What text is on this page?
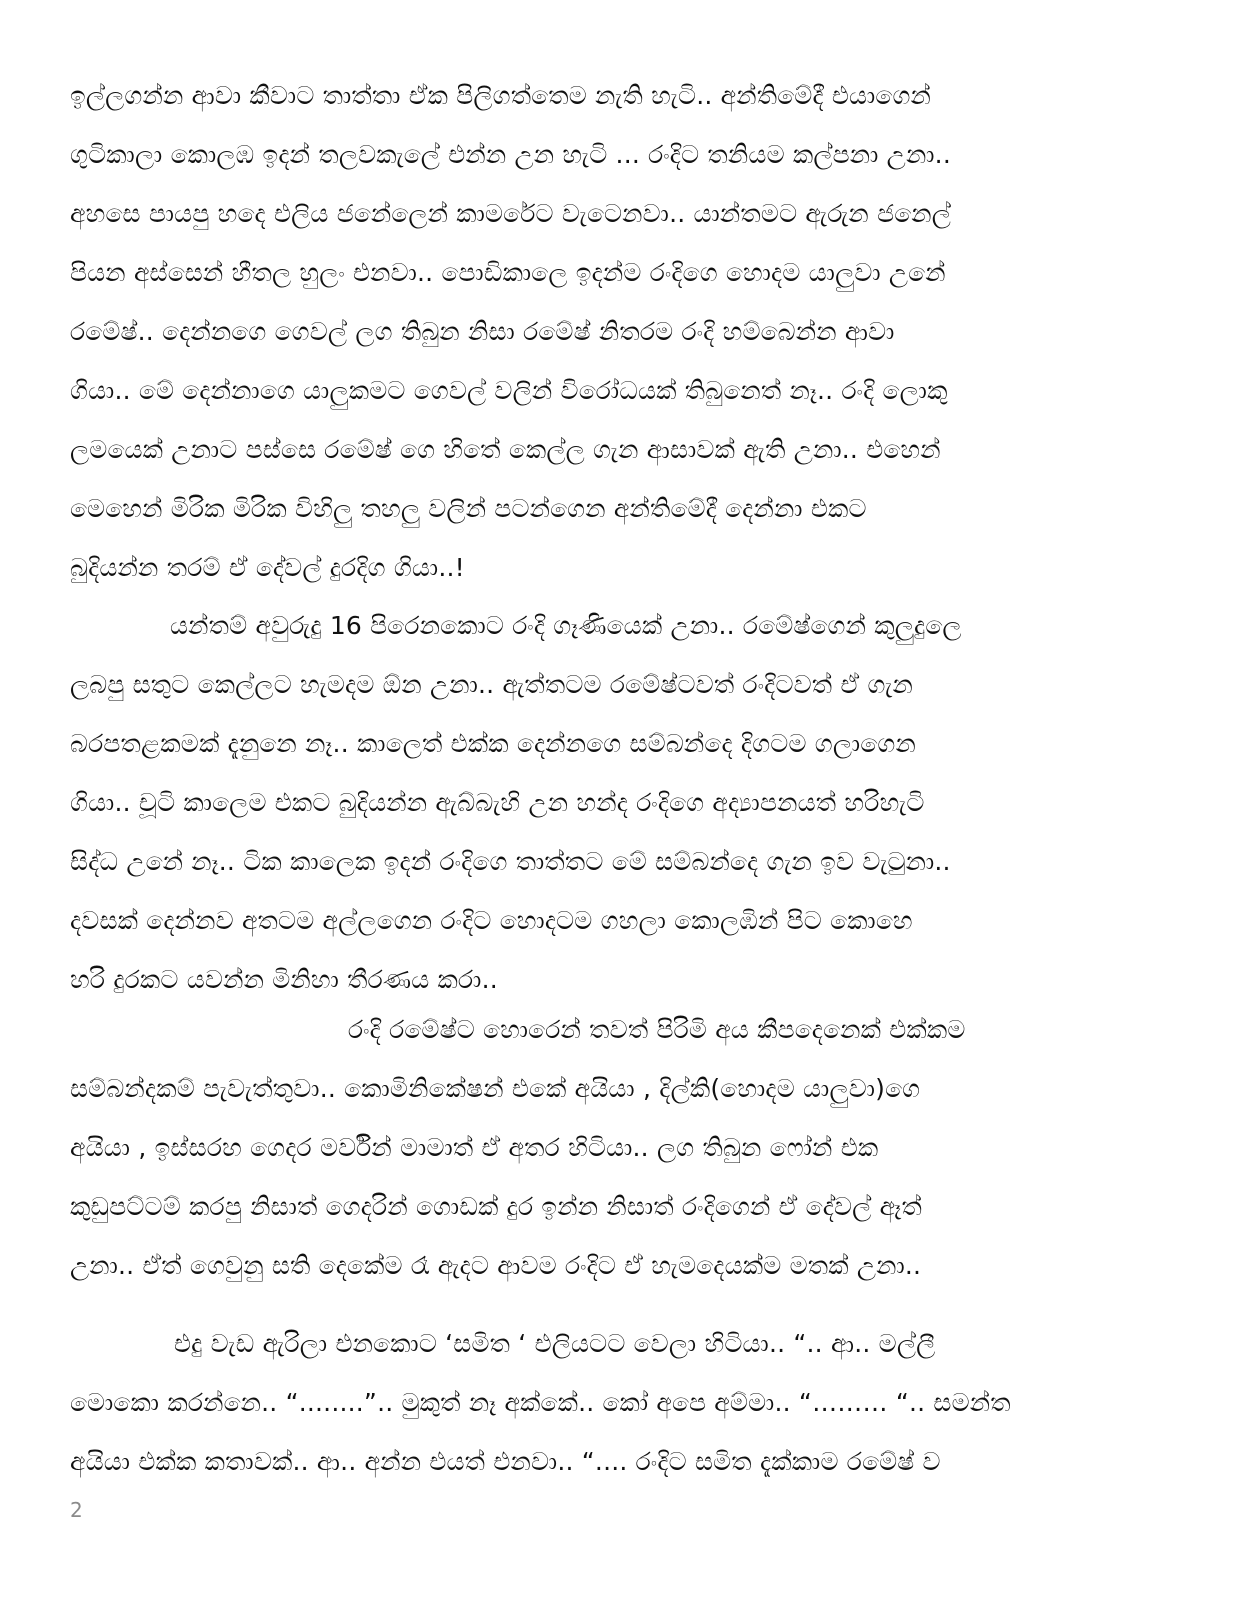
ඉල්ලගන්න ආවා කීවාට තාත්තා ඒක පිලිගත්තෙම නැති හැටි.. අන්තිමේදී එයාගෙන්
ගුටිකාලා කොලඹ ඉදන් තලවකැලේ එන්න උන හැටි ... රංදිට තනියම කල්පනා උනා..
අහසෙ පායපු හදෙ එලිය ජනේලෙන් කාමරේට වැටෙනවා.. යාන්තමට ඇරුන ජනෙල්
පියන අස්සෙන් හීතල හුලං එනවා.. පොඩිකාලෙ ඉදන්ම රංදිගෙ හොදම යාලුවා උනේ
රමේෂ්.. දෙන්නගෙ ගෙවල් ලග තිබුන නිසා රමේෂ් නිතරම රංදි හම්බෙන්න ආවා
ගියා.. මේ දෙන්නාගෙ යාලුකමට ගෙවල් වලින් විරෝධයක් තිබුනෙත් නෑ.. රංදි ලොකු
ලමයෙක් උනාට පස්සෙ රමේෂ් ගෙ හිතේ කෙල්ල ගැන ආසාවක් ඇති උනා.. එහෙන්
මෙහෙන් මිරික මිරික විහිලු තහලු වලින් පටන්ගෙන අන්තිමේදී දෙන්නා එකට
බුදියන්න තරම් ඒ දේවල් දුරදිග ගියා..!
යන්තම් අවුරුදු 16 පිරෙනකොට රංදි ගෑණියෙක් උනා.. රමේෂ්ගෙන් කුලුදුලෙ
ලබපු සතුට කෙල්ලට හැමදම ඕන උනා.. ඇත්තටම රමේෂ්ටවත් රංදිටවත් ඒ ගැන
බරපතළකමක් දැනුනෙ නෑ.. කාලෙත් එක්ක දෙන්නගෙ සම්බන්දෙ දිගටම ගලාගෙන
ගියා.. චූටි කාලෙම එකට බුදියන්න ඇබ්බැහි උන හන්ද රංදිගෙ අද්‍යාපනයත් හරිහැටි
සිද්ධ උනේ නෑ.. ටික කාලෙක ඉදන් රංදිගෙ තාත්තට මේ සම්බන්දෙ ගැන ඉව වැටුනා..
දවසක් දෙන්නව අතටම අල්ලගෙන රංදිට හොදටම ගහලා කොලඹින් පිට කොහෙ
හරි දුරකට යවන්න මිනිහා තීරණය කරා..
රංදි රමේෂ්ට හොරෙන් තවත් පිරිමි අය කීපදෙනෙක් එක්කම
සම්බන්දකම් පැවැත්තුවා.. කොමිනිකේෂන් එකේ අයියා , දිල්කි(හොදම යාලුවා)ගෙ
අයියා , ඉස්සරහ ගෙදර මර්වින් මාමාත් ඒ අතර හිටියා.. ලග තිබුන ෆෝන් එක
කුඩුපට්ටම් කරපු නිසාත් ගෙදරින් ගොඩක් දුර ඉන්න නිසාත් රංදිගෙන් ඒ දේවල් ඈත්
උනා.. ඒත් ගෙවුනු සති දෙකේම රෑ ඇදට ආවම රංදිට ඒ හැමදෙයක්ම මතක් උනා..
එදු වැඩ ඇරිලා එනකොට ‘සමිත ‘ එලියටට වෙලා හිටියා.. “.. ආ.. මල්ලී
මොකො කරන්නෙ.. “........”.. මුකුත් නෑ අක්කේ.. කෝ අපෙ අම්මා.. “……… “.. සමන්ත
අයියා එක්ක කතාවක්.. ආ.. අන්න එයත් එනවා.. “.... රංදිට සමිත දැක්කාම රමේෂ් ව
2
